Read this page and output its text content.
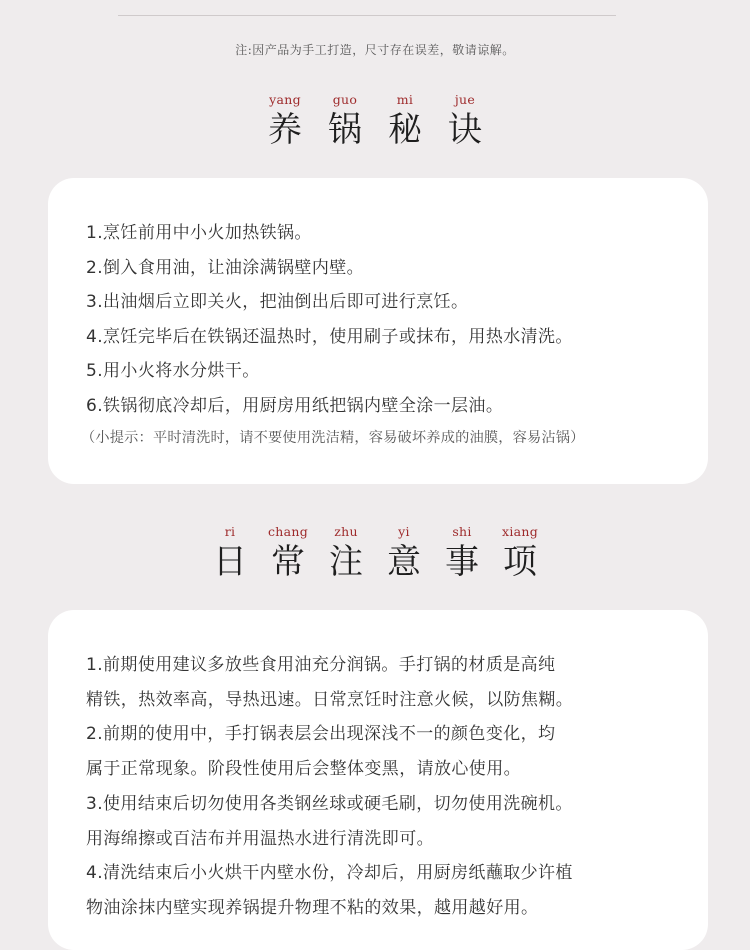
注:因产品为手工打造，尺寸存在误差，敬请谅解。
yang
养
guo
锅
mi
秘
jue
诀
1.烹饪前用中小火加热铁锅。
2.倒入食用油，让油涂满锅壁内壁。
3.出油烟后立即关火，把油倒出后即可进行烹饪。
4.烹饪完毕后在铁锅还温热时，使用刷子或抹布，用热水清洗。
5.用小火将水分烘干。
6.铁锅彻底冷却后，用厨房用纸把锅内壁全涂一层油。
（小提示：平时清洗时，请不要使用洗洁精，容易破坏养成的油膜，容易沾锅）
ri
日
chang
常
zhu
注
yi
意
shi
事
xiang
项
1.前期使用建议多放些食用油充分润锅。手打锅的材质是高纯
精铁，热效率高，导热迅速。日常烹饪时注意火候，以防焦糊。
2.前期的使用中，手打锅表层会出现深浅不一的颜色变化，均
属于正常现象。阶段性使用后会整体变黑，请放心使用。
3.使用结束后切勿使用各类钢丝球或硬毛刷，切勿使用洗碗机。
用海绵擦或百洁布并用温热水进行清洗即可。
4.清洗结束后小火烘干内壁水份，冷却后，用厨房纸蘸取少许植
物油涂抹内壁实现养锅提升物理不粘的效果，越用越好用。
